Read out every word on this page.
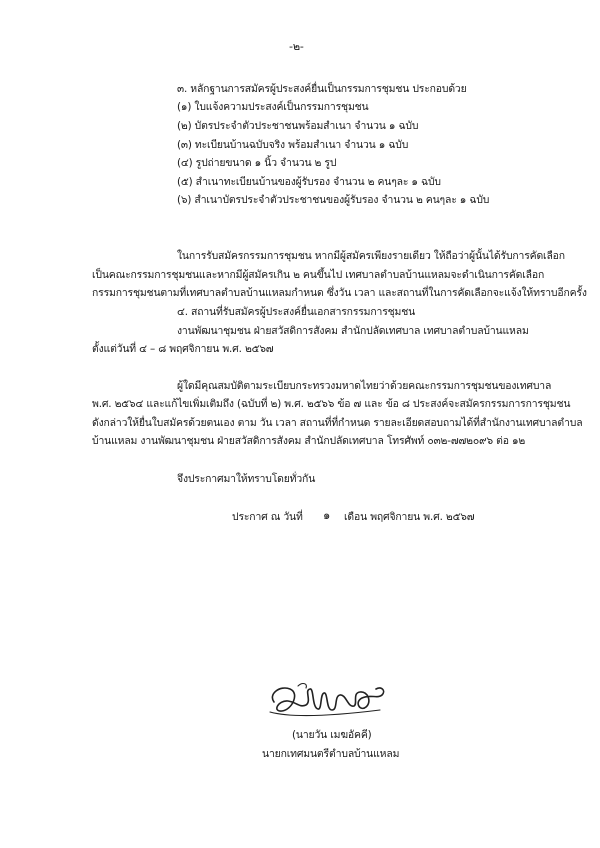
-๒-
๓. หลักฐานการสมัครผู้ประสงค์ยื่นเป็นกรรมการชุมชน ประกอบด้วย
(๑) ใบแจ้งความประสงค์เป็นกรรมการชุมชน
(๒) บัตรประจำตัวประชาชนพร้อมสำเนา จำนวน ๑ ฉบับ
(๓) ทะเบียนบ้านฉบับจริง พร้อมสำเนา จำนวน ๑ ฉบับ
(๔) รูปถ่ายขนาด ๑ นิ้ว จำนวน ๒ รูป
(๕) สำเนาทะเบียนบ้านของผู้รับรอง จำนวน ๒ คนๆละ ๑ ฉบับ
(๖) สำเนาบัตรประจำตัวประชาชนของผู้รับรอง จำนวน ๒ คนๆละ ๑ ฉบับ
ในการรับสมัครกรรมการชุมชน หากมีผู้สมัครเพียงรายเดียว ให้ถือว่าผู้นั้นได้รับการคัดเลือก
เป็นคณะกรรมการชุมชนและหากมีผู้สมัครเกิน ๒ คนขึ้นไป เทศบาลตำบลบ้านแหลมจะดำเนินการคัดเลือก
กรรมการชุมชนตามที่เทศบาลตำบลบ้านแหลมกำหนด ซึ่งวัน เวลา และสถานที่ในการคัดเลือกจะแจ้งให้ทราบอีกครั้ง
๔. สถานที่รับสมัครผู้ประสงค์ยื่นเอกสารกรรมการชุมชน
งานพัฒนาชุมชน ฝ่ายสวัสดิการสังคม สำนักปลัดเทศบาล เทศบาลตำบลบ้านแหลม
ตั้งแต่วันที่ ๔ – ๘ พฤศจิกายน พ.ศ. ๒๕๖๗
ผู้ใดมีคุณสมบัติตามระเบียบกระทรวงมหาดไทยว่าด้วยคณะกรรมการชุมชนของเทศบาล
พ.ศ. ๒๕๖๔ และแก้ไขเพิ่มเติมถึง (ฉบับที่ ๒) พ.ศ. ๒๕๖๖ ข้อ ๗ และ ข้อ ๘ ประสงค์จะสมัครกรรมการการชุมชน
ดังกล่าวให้ยื่นใบสมัครด้วยตนเอง ตาม วัน เวลา สถานที่ที่กำหนด รายละเอียดสอบถามได้ที่สำนักงานเทศบาลตำบล
บ้านแหลม งานพัฒนาชุมชน ฝ่ายสวัสดิการสังคม สำนักปลัดเทศบาล โทรศัพท์ ๐๓๒-๗๗๒๐๙๖ ต่อ ๑๒
จึงประกาศมาให้ทราบโดยทั่วกัน
ประกาศ ณ วันที่ ๑ เดือน พฤศจิกายน พ.ศ. ๒๕๖๗
(นายวัน เมฆอัคคี)
นายกเทศมนตรีตำบลบ้านแหลม
